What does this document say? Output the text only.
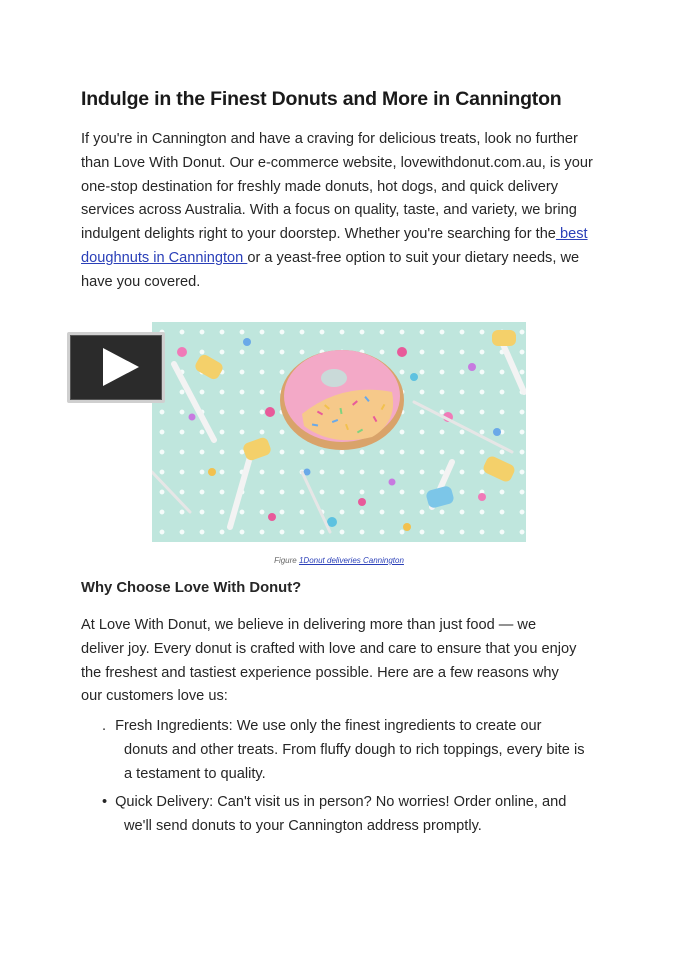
Indulge in the Finest Donuts and More in Cannington

If you're in Cannington and have a craving for delicious treats, look no further than Love With Donut. Our e-commerce website, lovewithdonut.com.au, is your one-stop destination for freshly made donuts, hot dogs, and quick delivery services across Australia. With a focus on quality, taste, and variety, we bring indulgent delights right to your doorstep. Whether you're searching for the best doughnuts in Cannington or a yeast-free option to suit your dietary needs, we have you covered.

Figure 1Donut deliveries Cannington
Why Choose Love With Donut?

At Love With Donut, we believe in delivering more than just food — we deliver joy. Every donut is crafted with love and care to ensure that you enjoy the freshest and tastiest experience possible. Here are a few reasons why our customers love us:

. Fresh Ingredients: We use only the finest ingredients to create our donuts and other treats. From fluffy dough to rich toppings, every bite is a testament to quality.
• Quick Delivery: Can't visit us in person? No worries! Order online, and we'll send donuts to your Cannington address promptly.
